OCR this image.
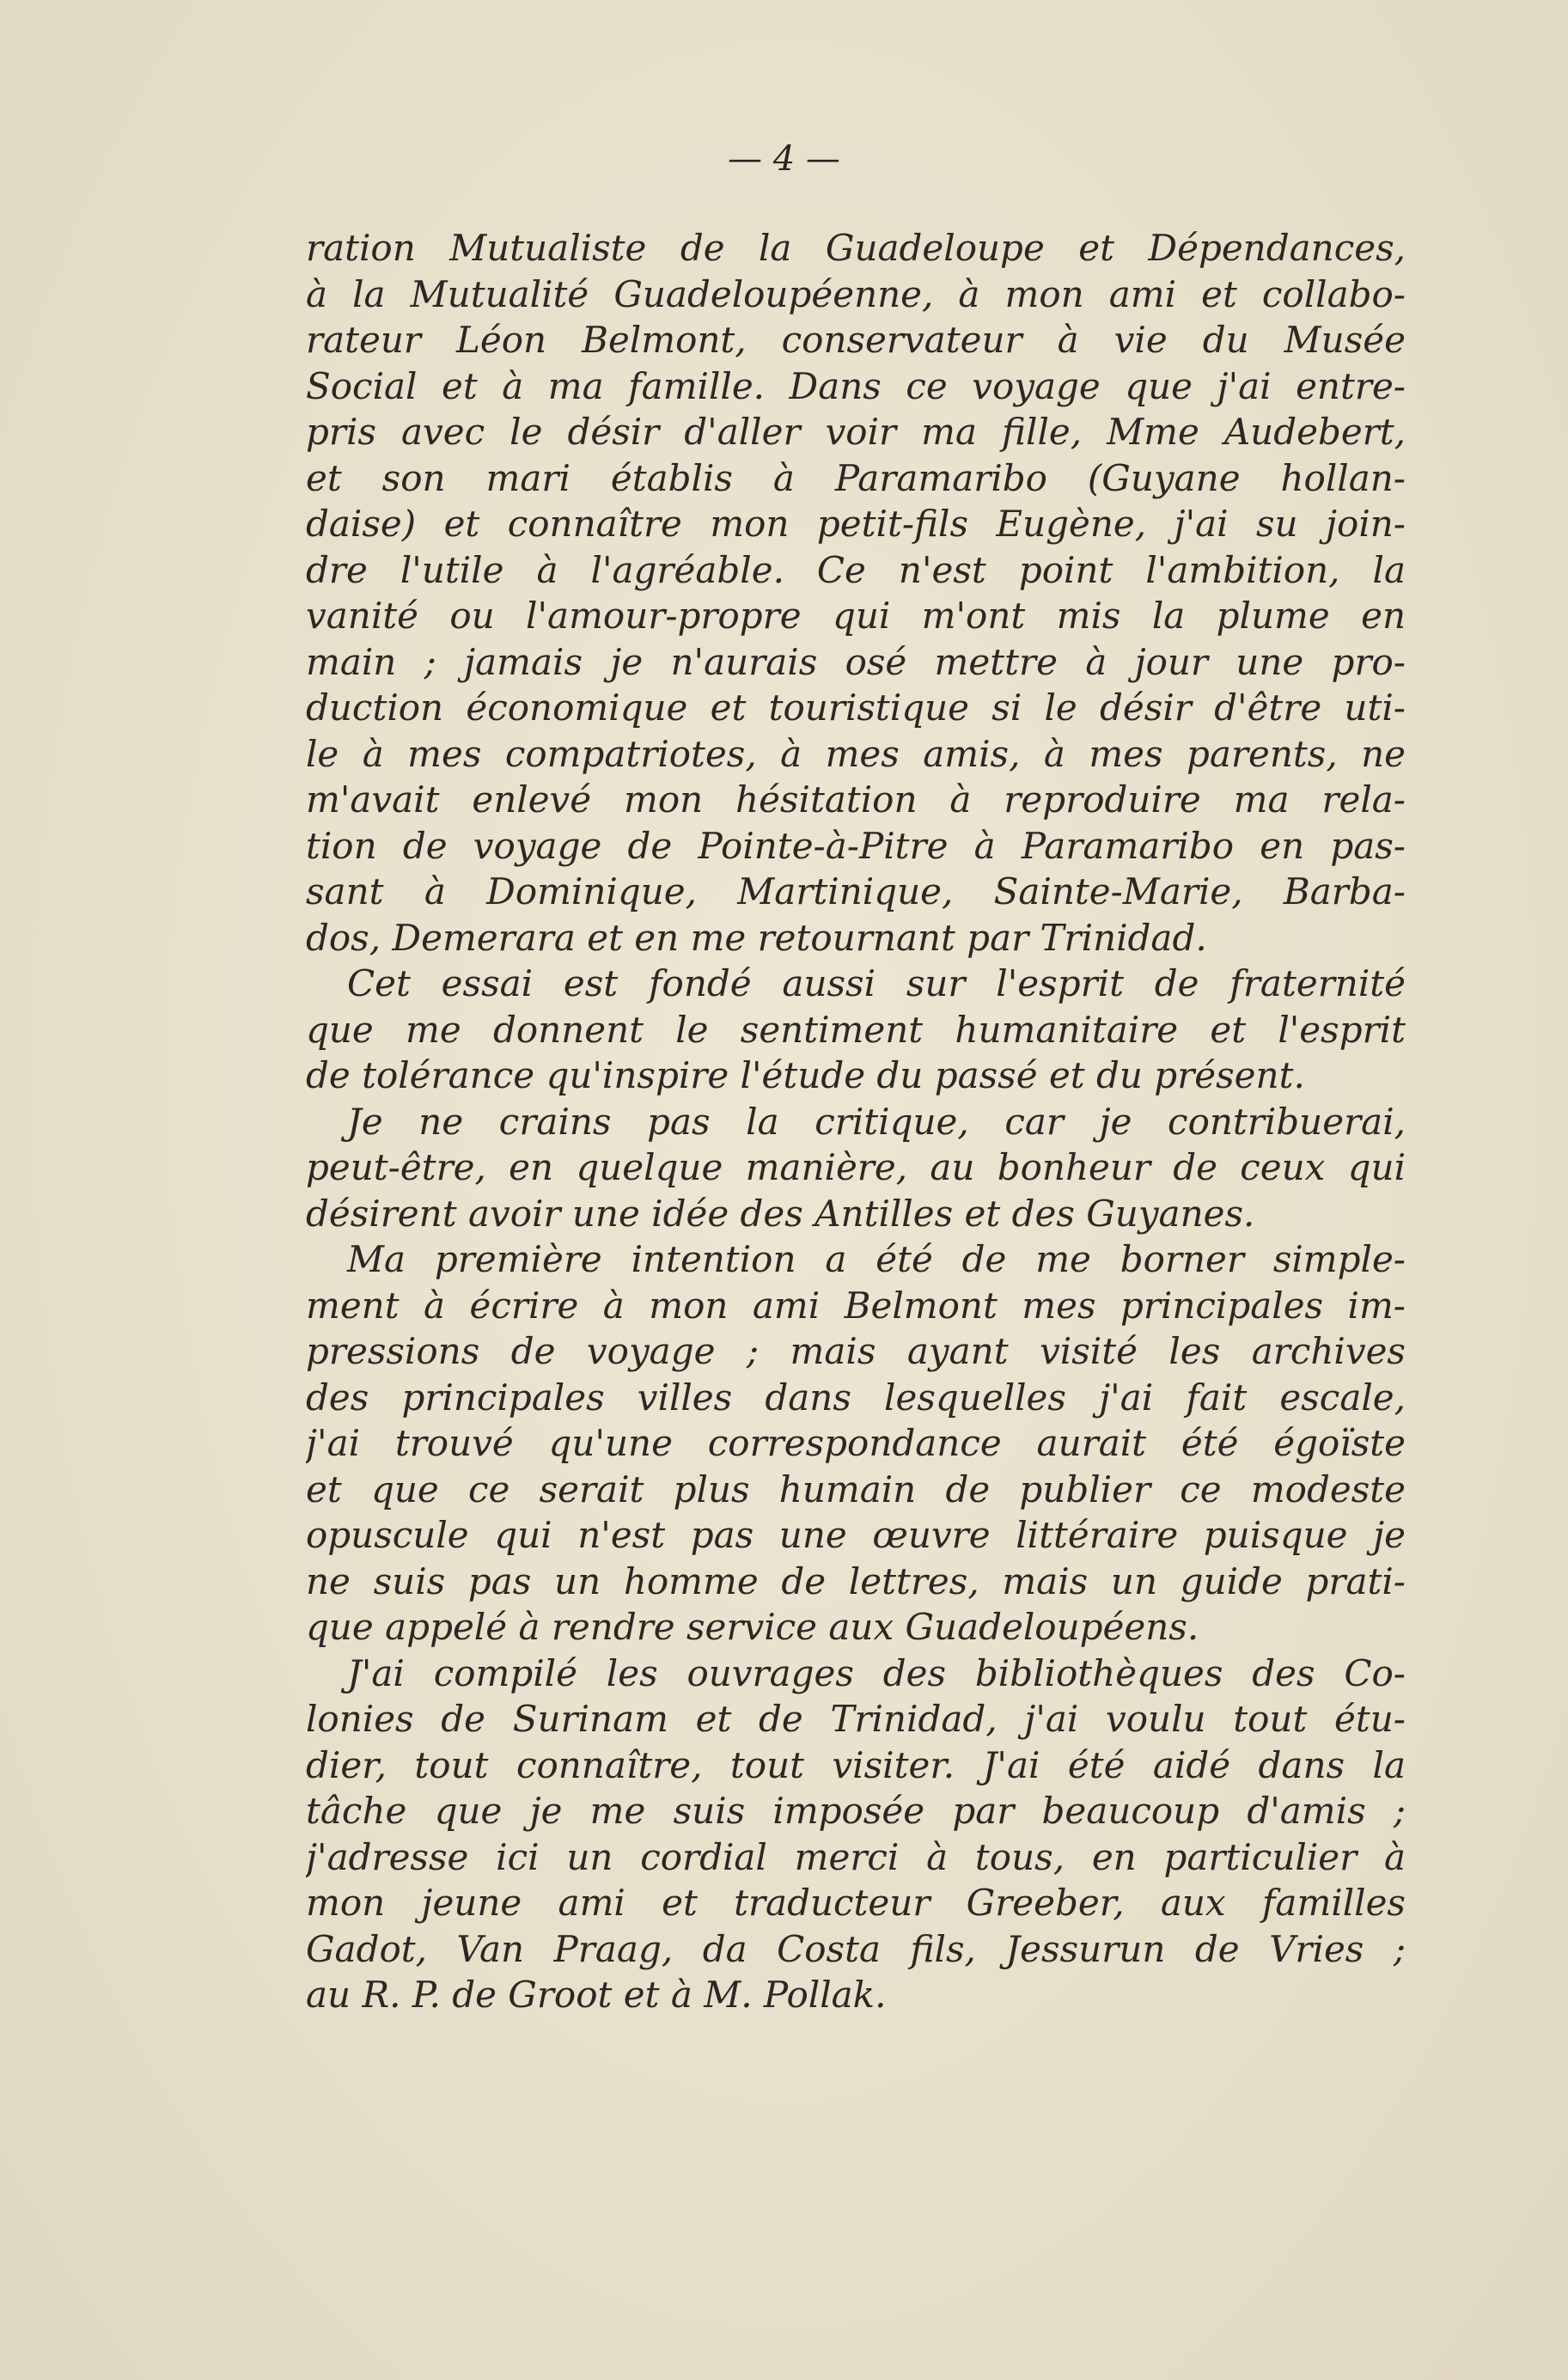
— 4 —
ration Mutualiste de la Guadeloupe et Dépendances,
à la Mutualité Guadeloupéenne, à mon ami et collabo-
rateur Léon Belmont, conservateur à vie du Musée
Social et à ma famille. Dans ce voyage que j'ai entre-
pris avec le désir d'aller voir ma fille, Mme Audebert,
et son mari établis à Paramaribo (Guyane hollan-
daise) et connaître mon petit-fils Eugène, j'ai su join-
dre l'utile à l'agréable. Ce n'est point l'ambition, la
vanité ou l'amour-propre qui m'ont mis la plume en
main ; jamais je n'aurais osé mettre à jour une pro-
duction économique et touristique si le désir d'être uti-
le à mes compatriotes, à mes amis, à mes parents, ne
m'avait enlevé mon hésitation à reproduire ma rela-
tion de voyage de Pointe-à-Pitre à Paramaribo en pas-
sant à Dominique, Martinique, Sainte-Marie, Barba-
dos, Demerara et en me retournant par Trinidad.
Cet essai est fondé aussi sur l'esprit de fraternité
que me donnent le sentiment humanitaire et l'esprit
de tolérance qu'inspire l'étude du passé et du présent.
Je ne crains pas la critique, car je contribuerai,
peut-être, en quelque manière, au bonheur de ceux qui
désirent avoir une idée des Antilles et des Guyanes.
Ma première intention a été de me borner simple-
ment à écrire à mon ami Belmont mes principales im-
pressions de voyage ; mais ayant visité les archives
des principales villes dans lesquelles j'ai fait escale,
j'ai trouvé qu'une correspondance aurait été égoïste
et que ce serait plus humain de publier ce modeste
opuscule qui n'est pas une œuvre littéraire puisque je
ne suis pas un homme de lettres, mais un guide prati-
que appelé à rendre service aux Guadeloupéens.
J'ai compilé les ouvrages des bibliothèques des Co-
lonies de Surinam et de Trinidad, j'ai voulu tout étu-
dier, tout connaître, tout visiter. J'ai été aidé dans la
tâche que je me suis imposée par beaucoup d'amis ;
j'adresse ici un cordial merci à tous, en particulier à
mon jeune ami et traducteur Greeber, aux familles
Gadot, Van Praag, da Costa fils, Jessurun de Vries ;
au R. P. de Groot et à M. Pollak.
